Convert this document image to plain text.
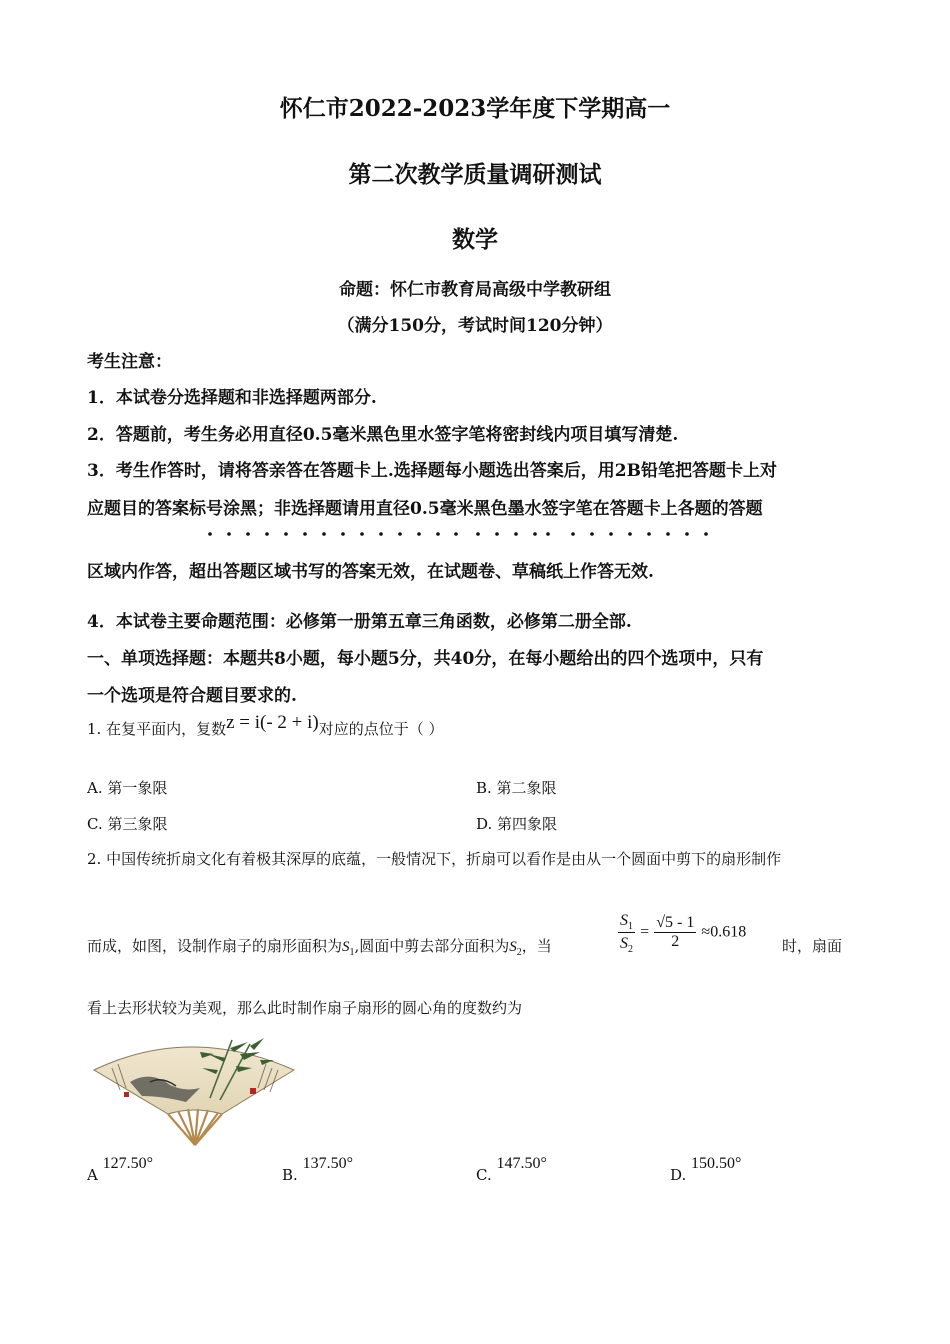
怀仁市2022-2023学年度下学期高一
第二次教学质量调研测试
数学
命题：怀仁市教育局高级中学教研组
（满分150分，考试时间120分钟）
考生注意：
1．本试卷分选择题和非选择题两部分.
2．答题前，考生务必用直径0.5毫米黑色里水签字笔将密封线内项目填写清楚.
3．考生作答时，请将答亲答在答题卡上.选择题每小题选出答案后，用2B铅笔把答题卡上对
应题目的答案标号涂黑；非选择题请用直径0.5毫米黑色墨水签字笔在答题卡上各题的答题
区域内作答，超出答题区域书写的答案无效，在试题卷、草稿纸上作答无效.
4．本试卷主要命题范围：必修第一册第五章三角函数，必修第二册全部.
一、单项选择题：本题共8小题，每小题5分，共40分，在每小题给出的四个选项中，只有
一个选项是符合题目要求的.
1. 在复平面内，复数z = i(- 2 + i)对应的点位于（ ）
A. 第一象限	B. 第二象限
C. 第三象限	D. 第四象限
2. 中国传统折扇文化有着极其深厚的底蕴，一般情况下，折扇可以看作是由从一个圆面中剪下的扇形制作
而成，如图，设制作扇子的扇形面积为$S_1$,圆面中剪去部分面积为$S_2$，当	$\frac{S_1}{S_2} = \frac{√5 - 1}{2} \approx 0.618$
时，扇面
看上去形状较为美观，那么此时制作扇子扇形的圆心角的度数约为
A 127.50°
B. 137.50°
C. 147.50°
D. 150.50°
